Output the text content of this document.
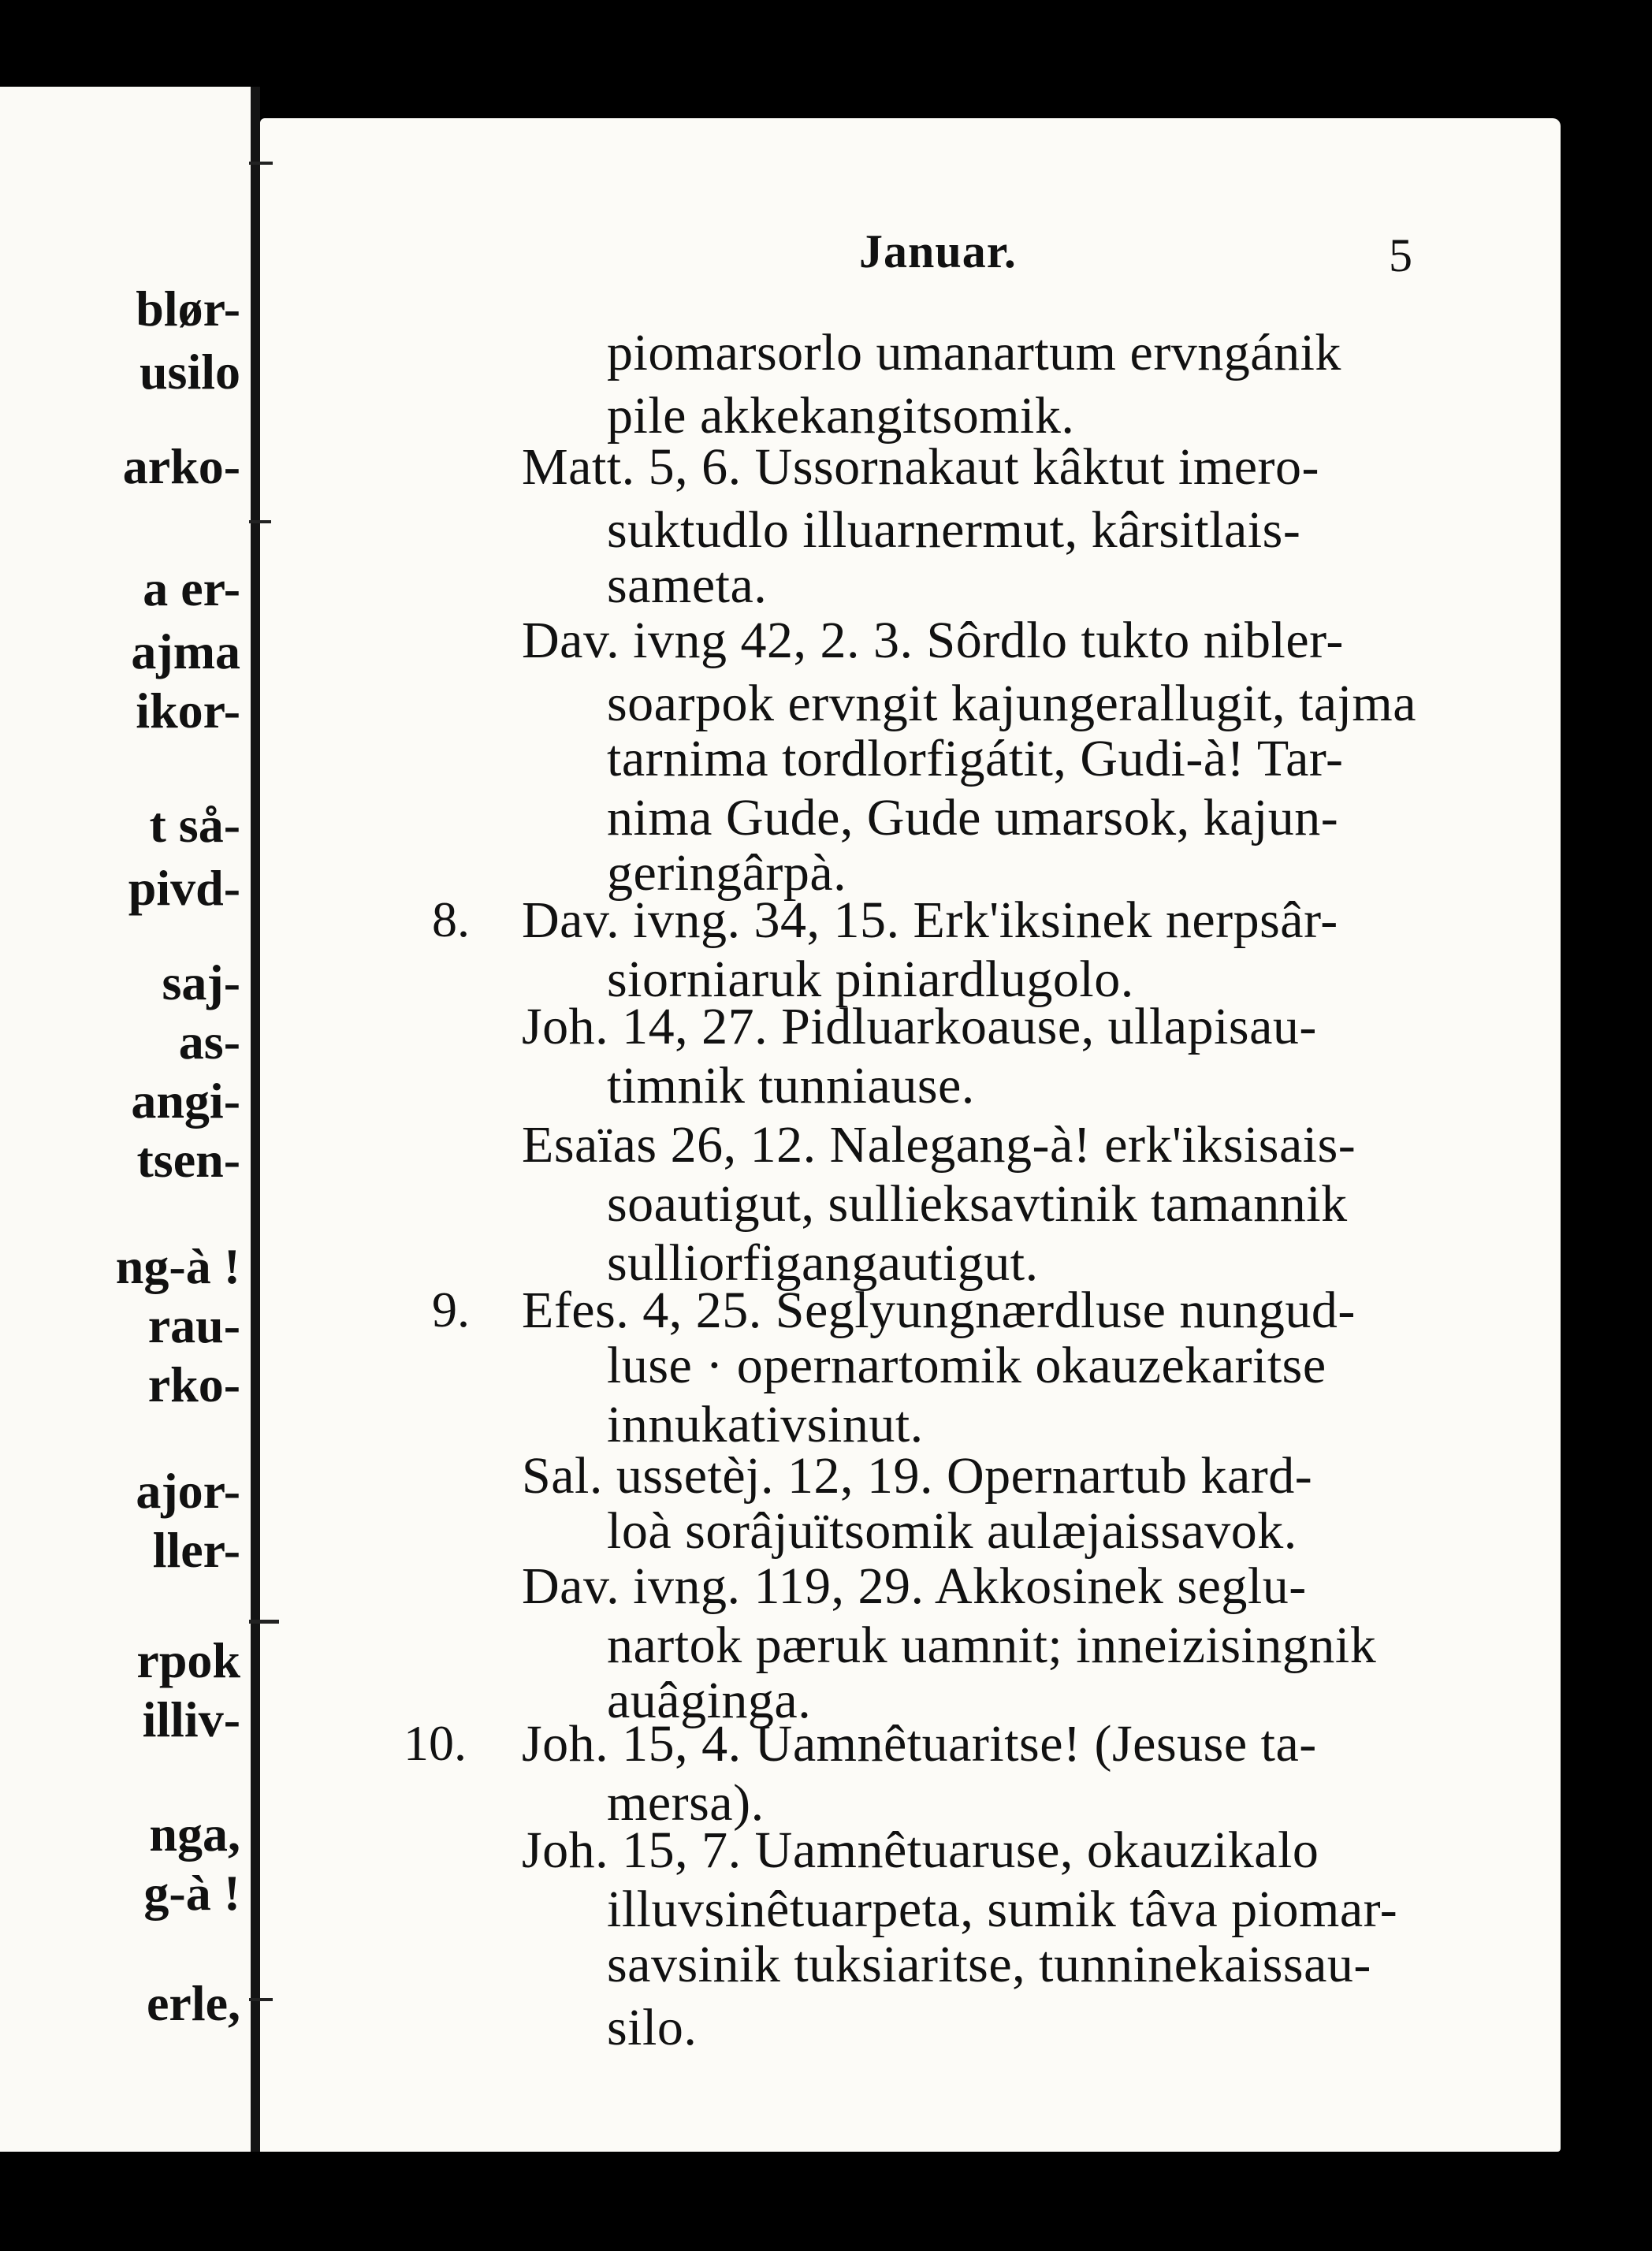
blør-
usilo
arko-
a er-
ajma
ikor-
t så-
pivd-
saj-
as-
angi-
tsen-
ng-à !
rau-
rko-
ajor-
ller-
rpok
illiv-
nga,
g-à !
erle,
Januar.	5
piomarsorlo umanartum ervngánik
pile akkekangitsomik.
Matt. 5, 6. Ussornakaut kâktut imero-
suktudlo illuarnermut, kârsitlais-
sameta.
Dav. ivng 42, 2. 3. Sôrdlo tukto nibler-
soarpok ervngit kajungerallugit, tajma
tarnima tordlorfigátit, Gudi-à! Tar-
nima Gude, Gude umarsok, kajun-
geringârpà.
8. Dav. ivng. 34, 15. Erk'iksinek nerpsâr-
siorniaruk piniardlugolo.
Joh. 14, 27. Pidluarkoause, ullapisau-
timnik tunniause.
Esaïas 26, 12. Nalegang-à! erk'iksisais-
soautigut, sullieksavtinik tamannik
sulliorfigangautigut.
9. Efes. 4, 25. Seglyungnærdluse nungud-
luse · opernartomik okauzekaritse
innukativsinut.
Sal. ussetèj. 12, 19. Opernartub kard-
loà sorâjuïtsomik aulæjaissavok.
Dav. ivng. 119, 29. Akkosinek seglu-
nartok pæruk uamnit; inneizisingnik
auâginga.
10. Joh. 15, 4. Uamnêtuaritse! (Jesuse ta-
mersa).
Joh. 15, 7. Uamnêtuaruse, okauzikalo
illuvsinêtuarpeta, sumik tâva piomar-
savsinik tuksiaritse, tunninekaissau-
silo.
